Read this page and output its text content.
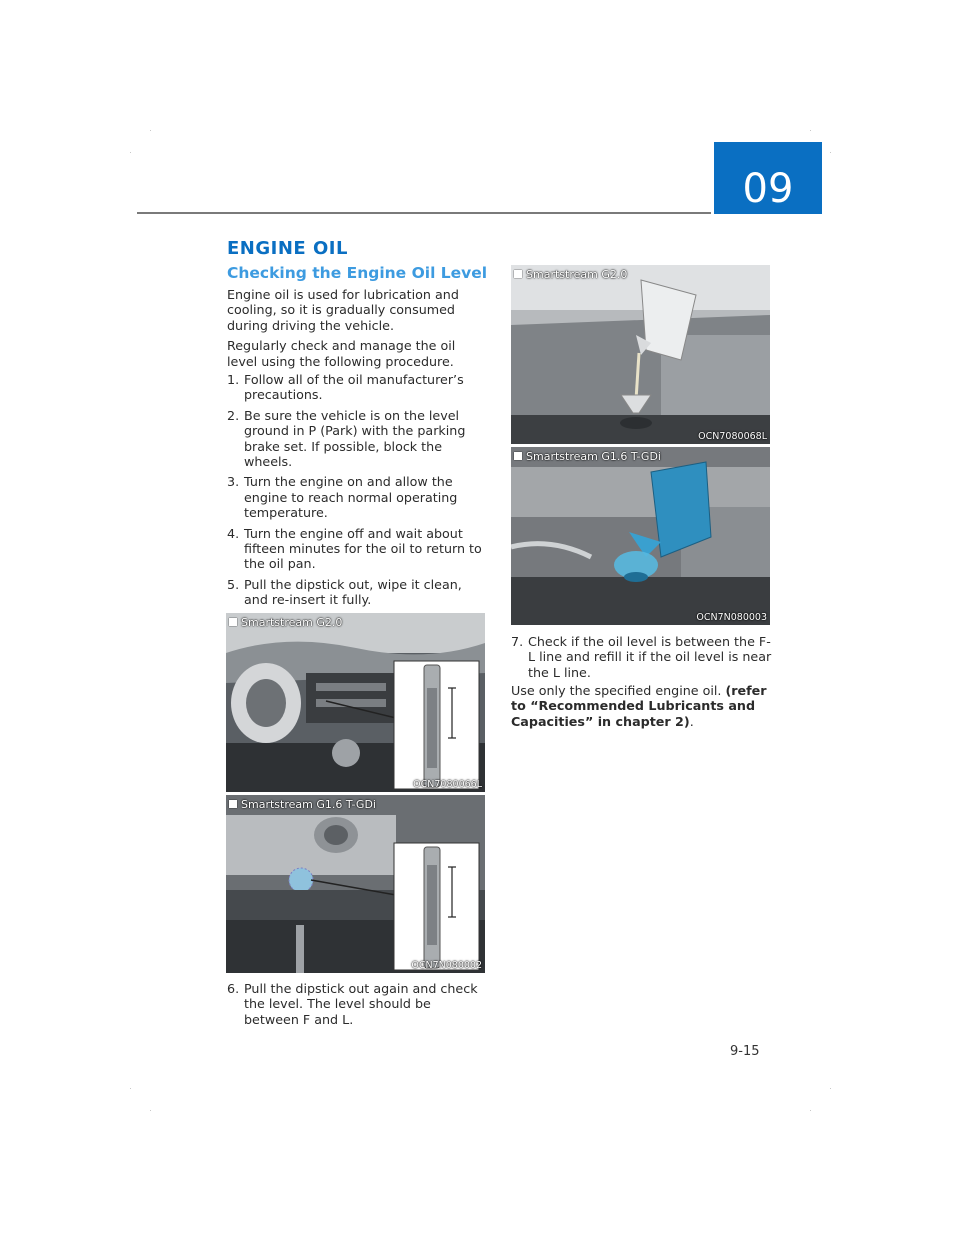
09
ENGINE OIL
Checking the Engine Oil Level

Engine oil is used for lubrication and cooling, so it is gradually consumed during driving the vehicle.

Regularly check and manage the oil level using the following procedure.

1. Follow all of the oil manufacturer’s precautions.
2. Be sure the vehicle is on the level ground in P (Park) with the parking brake set. If possible, block the wheels.
3. Turn the engine on and allow the engine to reach normal operating temperature.
4. Turn the engine off and wait about fifteen minutes for the oil to return to the oil pan.
5. Pull the dipstick out, wipe it clean, and re-insert it fully.
Smartstream G2.0
OCN7080066L
Smartstream G1.6 T-GDi
OCN7N080002
6. Pull the dipstick out again and check the level. The level should be between F and L.
Smartstream G2.0
OCN7080068L
Smartstream G1.6 T-GDi
OCN7N080003
7. Check if the oil level is between the F-L line and refill it if the oil level is near the L line.
Use only the specified engine oil. (refer to “Recommended Lubricants and Capacities” in chapter 2).
9-15
